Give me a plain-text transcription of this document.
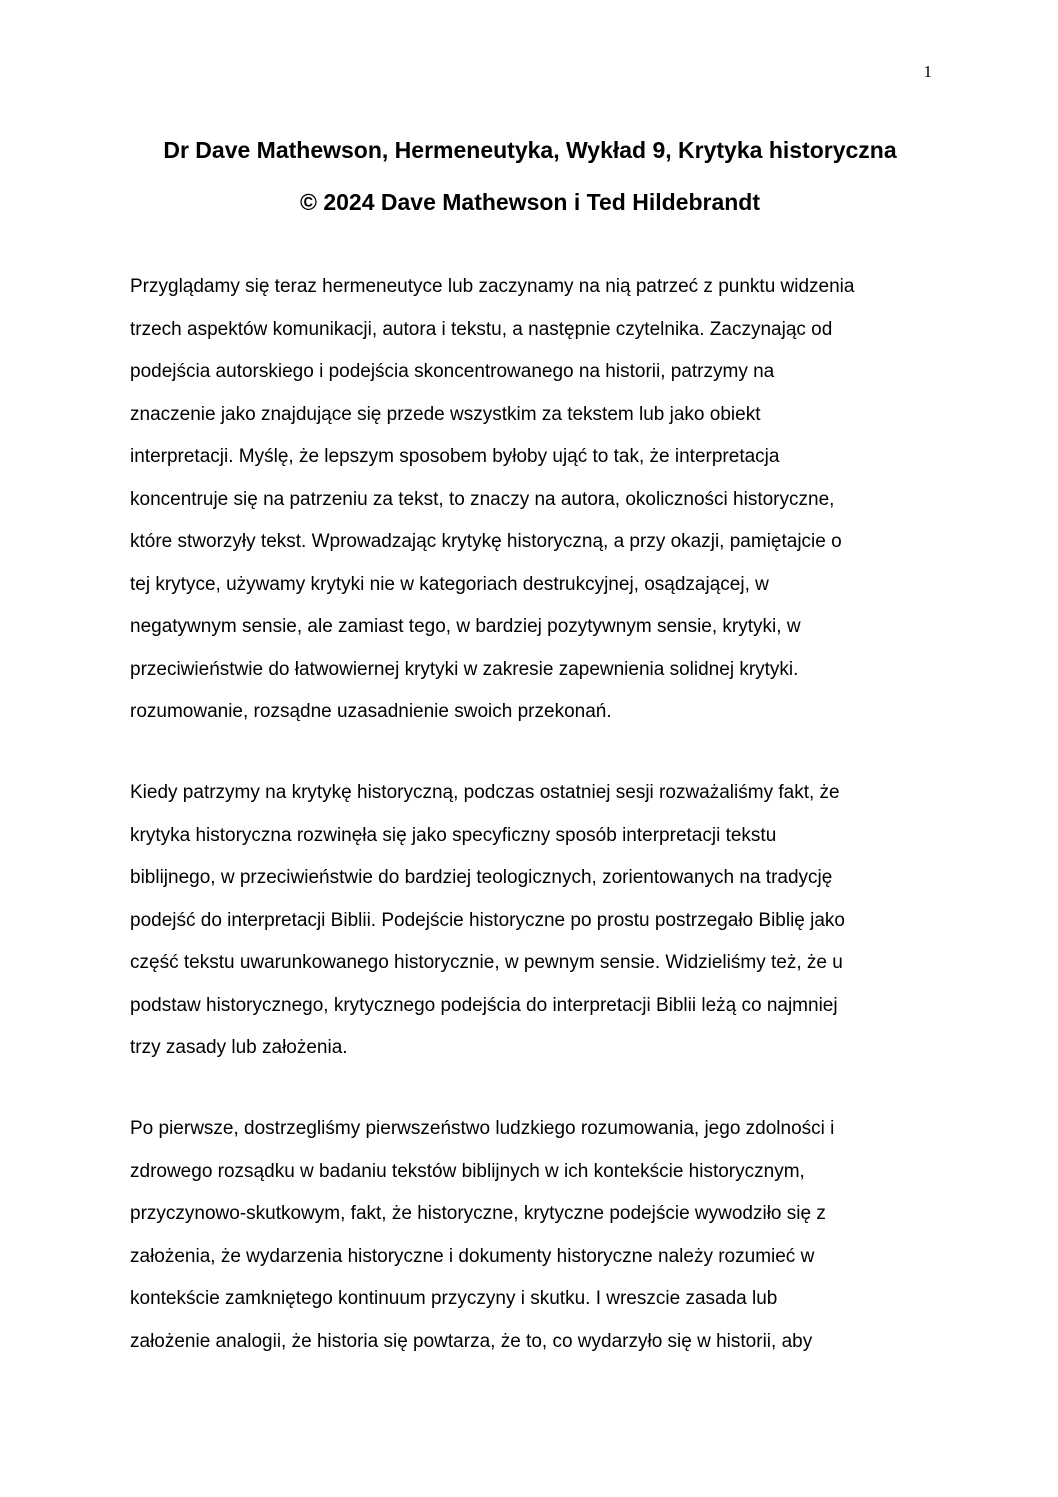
1
Dr Dave Mathewson, Hermeneutyka, Wykład 9, Krytyka historyczna
© 2024 Dave Mathewson i Ted Hildebrandt
Przyglądamy się teraz hermeneutyce lub zaczynamy na nią patrzeć z punktu widzenia
trzech aspektów komunikacji, autora i tekstu, a następnie czytelnika. Zaczynając od
podejścia autorskiego i podejścia skoncentrowanego na historii, patrzymy na
znaczenie jako znajdujące się przede wszystkim za tekstem lub jako obiekt
interpretacji. Myślę, że lepszym sposobem byłoby ująć to tak, że interpretacja
koncentruje się na patrzeniu za tekst, to znaczy na autora, okoliczności historyczne,
które stworzyły tekst. Wprowadzając krytykę historyczną, a przy okazji, pamiętajcie o
tej krytyce, używamy krytyki nie w kategoriach destrukcyjnej, osądzającej, w
negatywnym sensie, ale zamiast tego, w bardziej pozytywnym sensie, krytyki, w
przeciwieństwie do łatwowiernej krytyki w zakresie zapewnienia solidnej krytyki.
rozumowanie, rozsądne uzasadnienie swoich przekonań.
Kiedy patrzymy na krytykę historyczną, podczas ostatniej sesji rozważaliśmy fakt, że
krytyka historyczna rozwinęła się jako specyficzny sposób interpretacji tekstu
biblijnego, w przeciwieństwie do bardziej teologicznych, zorientowanych na tradycję
podejść do interpretacji Biblii. Podejście historyczne po prostu postrzegało Biblię jako
część tekstu uwarunkowanego historycznie, w pewnym sensie. Widzieliśmy też, że u
podstaw historycznego, krytycznego podejścia do interpretacji Biblii leżą co najmniej
trzy zasady lub założenia.
Po pierwsze, dostrzegliśmy pierwszeństwo ludzkiego rozumowania, jego zdolności i
zdrowego rozsądku w badaniu tekstów biblijnych w ich kontekście historycznym,
przyczynowo-skutkowym, fakt, że historyczne, krytyczne podejście wywodziło się z
założenia, że wydarzenia historyczne i dokumenty historyczne należy rozumieć w
kontekście zamkniętego kontinuum przyczyny i skutku. I wreszcie zasada lub
założenie analogii, że historia się powtarza, że to, co wydarzyło się w historii, aby
